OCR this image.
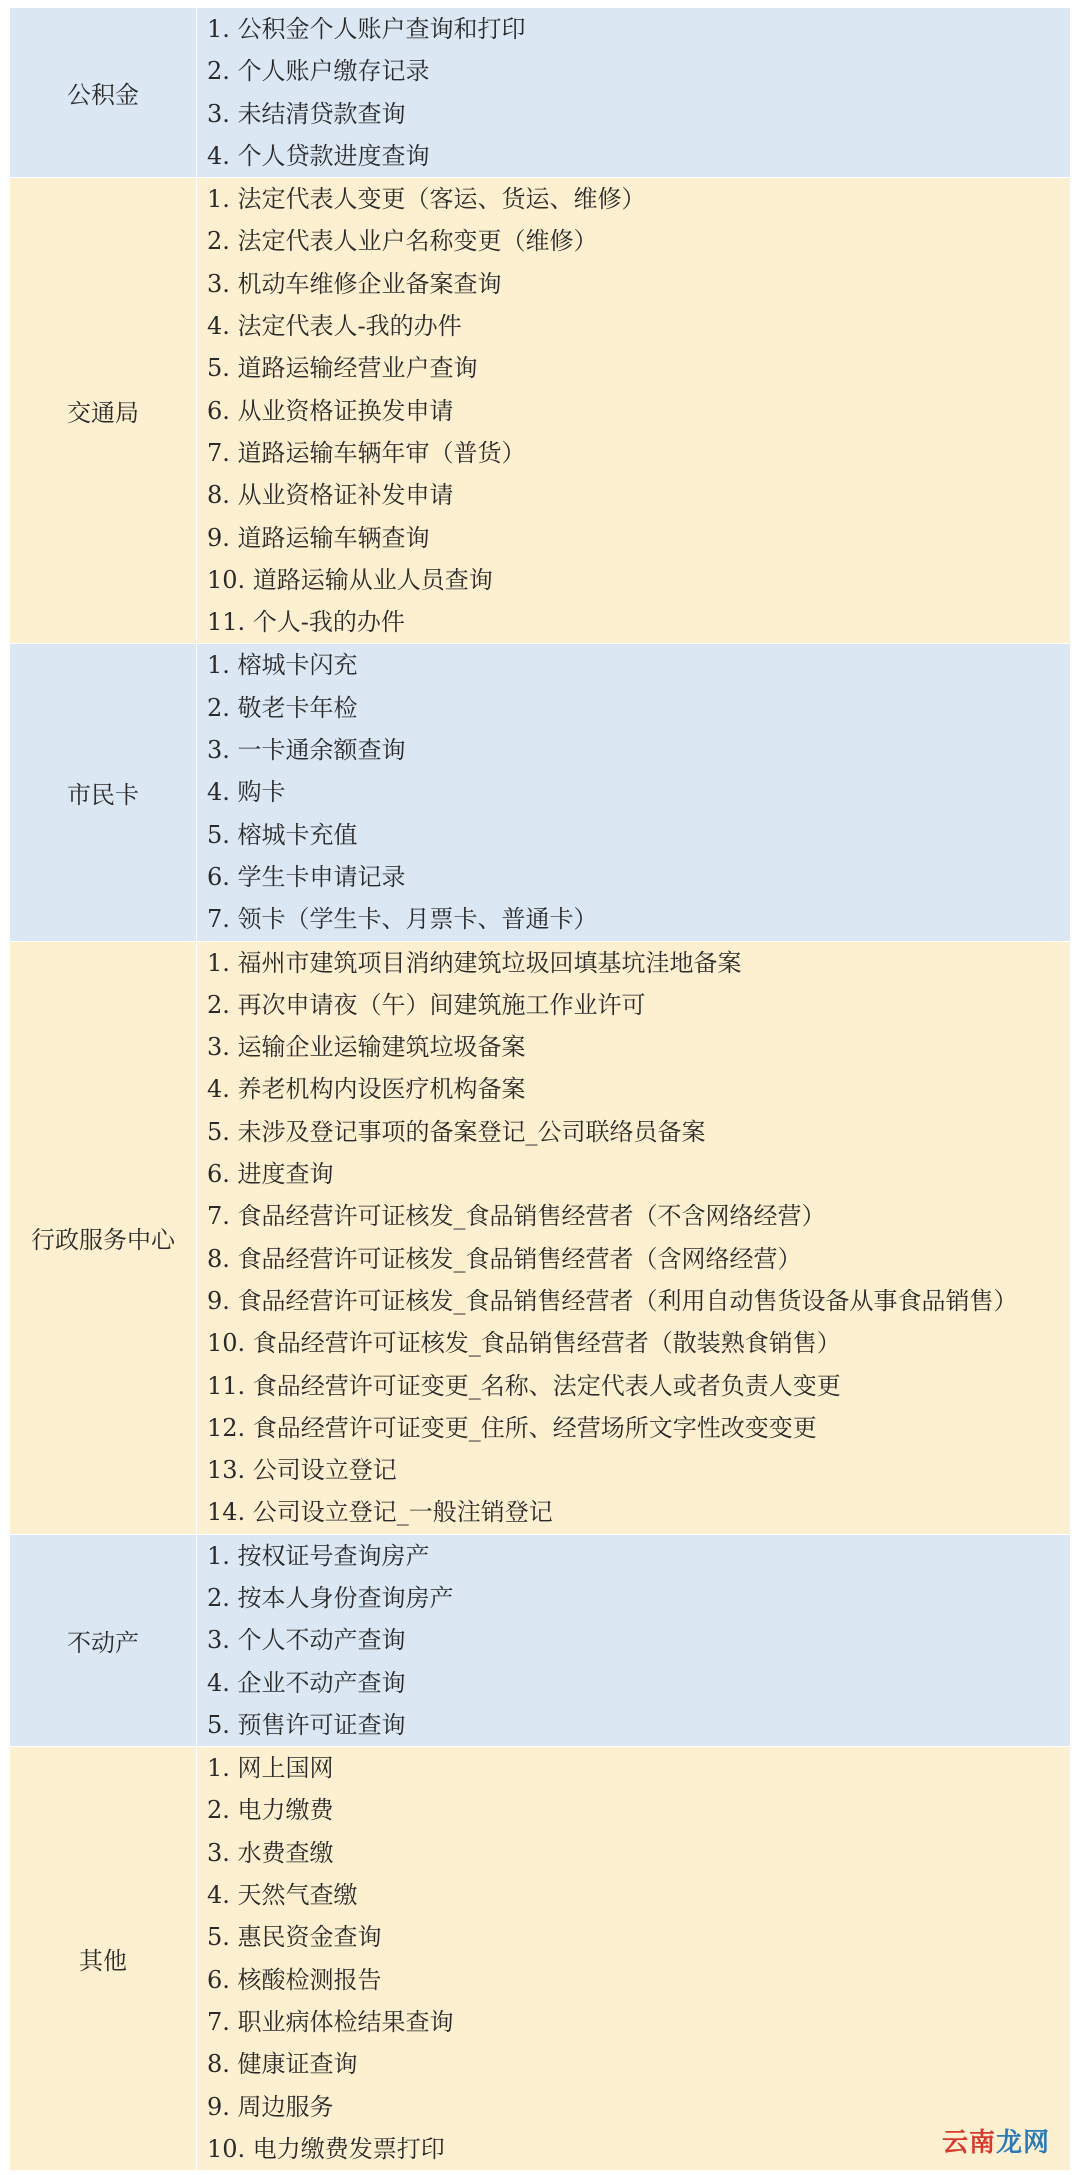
公积金
1. 公积金个人账户查询和打印
2. 个人账户缴存记录
3. 未结清贷款查询
4. 个人贷款进度查询
交通局
1. 法定代表人变更（客运、货运、维修）
2. 法定代表人业户名称变更（维修）
3. 机动车维修企业备案查询
4. 法定代表人-我的办件
5. 道路运输经营业户查询
6. 从业资格证换发申请
7. 道路运输车辆年审（普货）
8. 从业资格证补发申请
9. 道路运输车辆查询
10. 道路运输从业人员查询
11. 个人-我的办件
市民卡
1. 榕城卡闪充
2. 敬老卡年检
3. 一卡通余额查询
4. 购卡
5. 榕城卡充值
6. 学生卡申请记录
7. 领卡（学生卡、月票卡、普通卡）
行政服务中心
1. 福州市建筑项目消纳建筑垃圾回填基坑洼地备案
2. 再次申请夜（午）间建筑施工作业许可
3. 运输企业运输建筑垃圾备案
4. 养老机构内设医疗机构备案
5. 未涉及登记事项的备案登记_公司联络员备案
6. 进度查询
7. 食品经营许可证核发_食品销售经营者（不含网络经营）
8. 食品经营许可证核发_食品销售经营者（含网络经营）
9. 食品经营许可证核发_食品销售经营者（利用自动售货设备从事食品销售）
10. 食品经营许可证核发_食品销售经营者（散装熟食销售）
11. 食品经营许可证变更_名称、法定代表人或者负责人变更
12. 食品经营许可证变更_住所、经营场所文字性改变变更
13. 公司设立登记
14. 公司设立登记_一般注销登记
不动产
1. 按权证号查询房产
2. 按本人身份查询房产
3. 个人不动产查询
4. 企业不动产查询
5. 预售许可证查询
其他
1. 网上国网
2. 电力缴费
3. 水费查缴
4. 天然气查缴
5. 惠民资金查询
6. 核酸检测报告
7. 职业病体检结果查询
8. 健康证查询
9. 周边服务
10. 电力缴费发票打印	云南龙网
